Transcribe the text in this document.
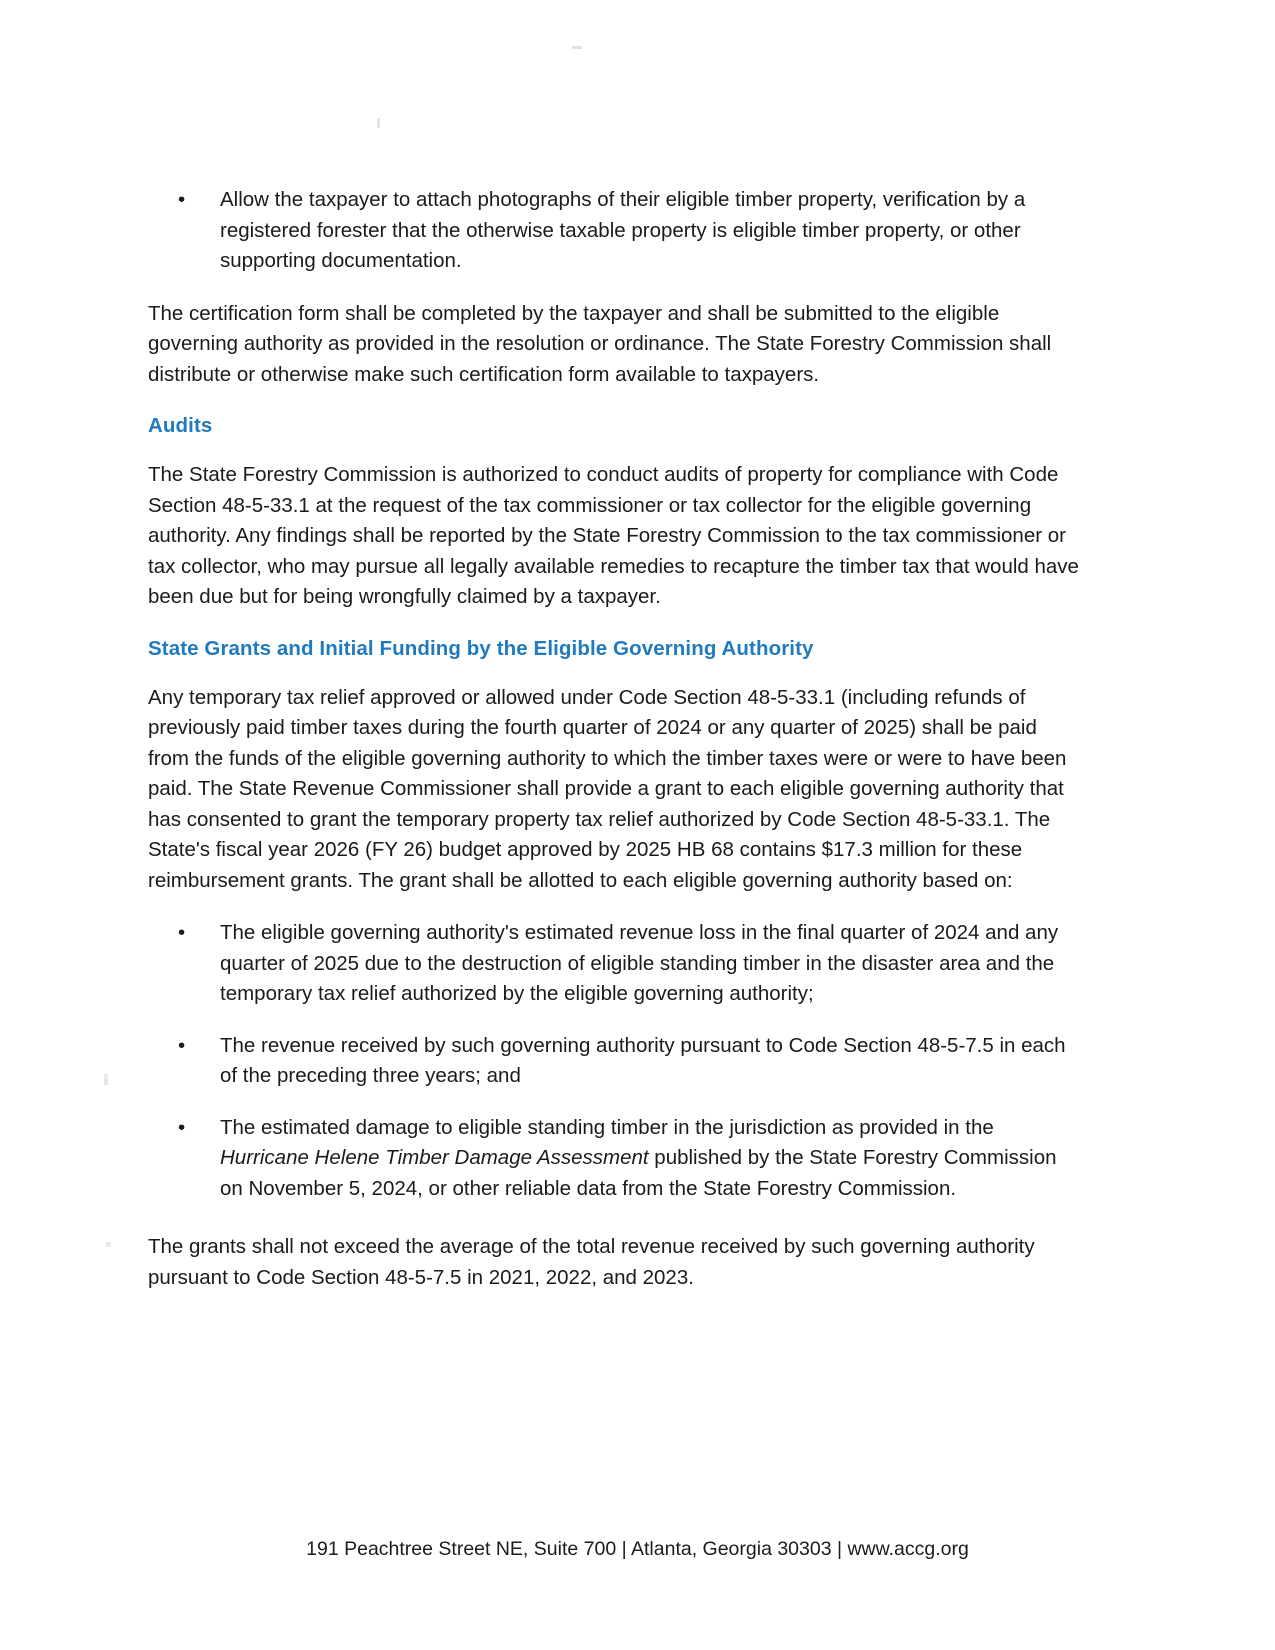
• Allow the taxpayer to attach photographs of their eligible timber property, verification by a registered forester that the otherwise taxable property is eligible timber property, or other supporting documentation.

The certification form shall be completed by the taxpayer and shall be submitted to the eligible governing authority as provided in the resolution or ordinance. The State Forestry Commission shall distribute or otherwise make such certification form available to taxpayers.

Audits

The State Forestry Commission is authorized to conduct audits of property for compliance with Code Section 48-5-33.1 at the request of the tax commissioner or tax collector for the eligible governing authority. Any findings shall be reported by the State Forestry Commission to the tax commissioner or tax collector, who may pursue all legally available remedies to recapture the timber tax that would have been due but for being wrongfully claimed by a taxpayer.

State Grants and Initial Funding by the Eligible Governing Authority

Any temporary tax relief approved or allowed under Code Section 48-5-33.1 (including refunds of previously paid timber taxes during the fourth quarter of 2024 or any quarter of 2025) shall be paid from the funds of the eligible governing authority to which the timber taxes were or were to have been paid. The State Revenue Commissioner shall provide a grant to each eligible governing authority that has consented to grant the temporary property tax relief authorized by Code Section 48-5-33.1. The State's fiscal year 2026 (FY 26) budget approved by 2025 HB 68 contains $17.3 million for these reimbursement grants. The grant shall be allotted to each eligible governing authority based on:

• The eligible governing authority's estimated revenue loss in the final quarter of 2024 and any quarter of 2025 due to the destruction of eligible standing timber in the disaster area and the temporary tax relief authorized by the eligible governing authority;
• The revenue received by such governing authority pursuant to Code Section 48-5-7.5 in each of the preceding three years; and
• The estimated damage to eligible standing timber in the jurisdiction as provided in the Hurricane Helene Timber Damage Assessment published by the State Forestry Commission on November 5, 2024, or other reliable data from the State Forestry Commission.

The grants shall not exceed the average of the total revenue received by such governing authority pursuant to Code Section 48-5-7.5 in 2021, 2022, and 2023.

191 Peachtree Street NE, Suite 700 | Atlanta, Georgia 30303 | www.accg.org
